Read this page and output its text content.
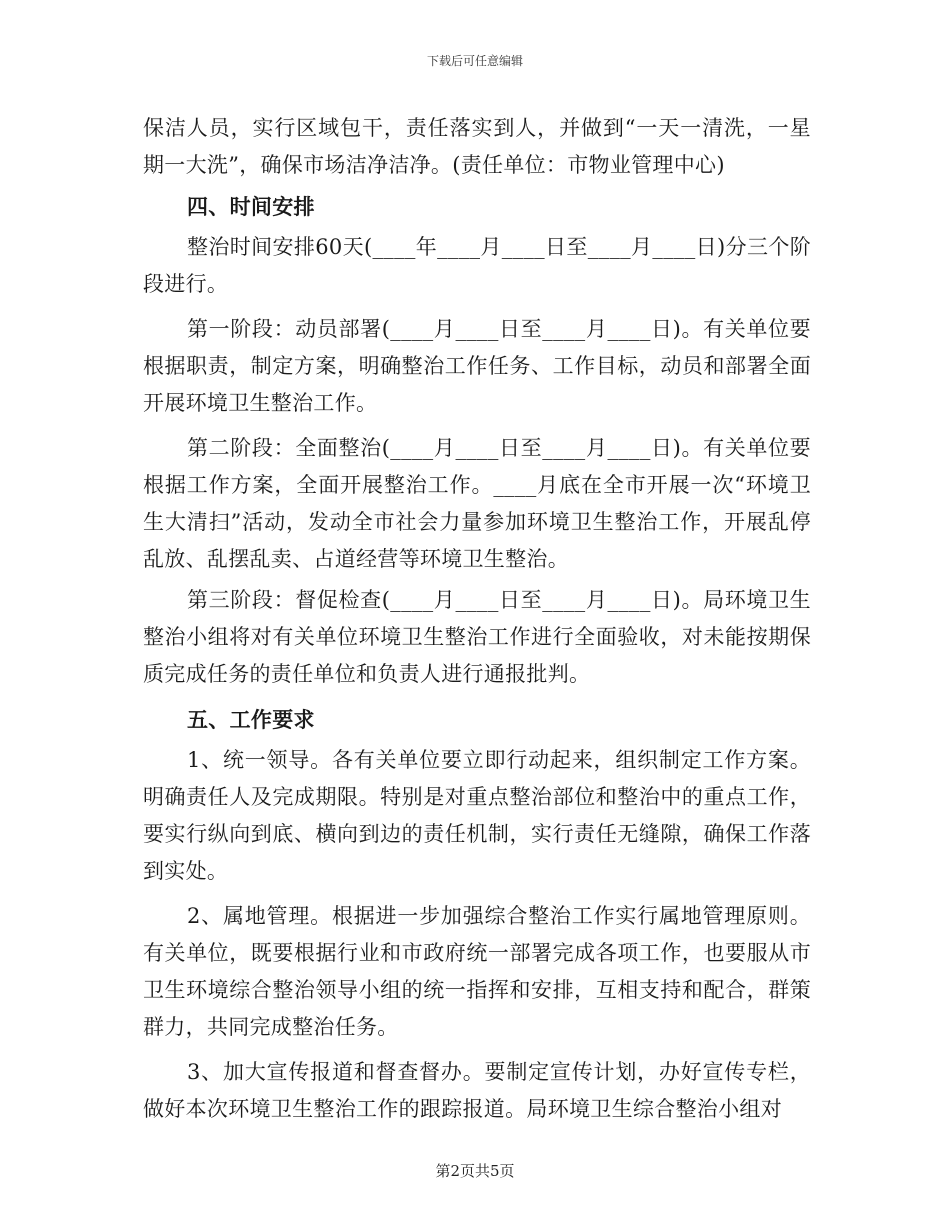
下载后可任意编辑

保洁人员，实行区域包干，责任落实到人，并做到“一天一清洗，一星期一大洗”，确保市场洁净洁净。(责任单位：市物业管理中心)

四、时间安排

整治时间安排60天(____年____月____日至____月____日)分三个阶段进行。

第一阶段：动员部署(____月____日至____月____日)。有关单位要根据职责，制定方案，明确整治工作任务、工作目标，动员和部署全面开展环境卫生整治工作。

第二阶段：全面整治(____月____日至____月____日)。有关单位要根据工作方案，全面开展整治工作。____月底在全市开展一次“环境卫生大清扫”活动，发动全市社会力量参加环境卫生整治工作，开展乱停乱放、乱摆乱卖、占道经营等环境卫生整治。

第三阶段：督促检查(____月____日至____月____日)。局环境卫生整治小组将对有关单位环境卫生整治工作进行全面验收，对未能按期保质完成任务的责任单位和负责人进行通报批判。

五、工作要求

1、统一领导。各有关单位要立即行动起来，组织制定工作方案。明确责任人及完成期限。特别是对重点整治部位和整治中的重点工作，要实行纵向到底、横向到边的责任机制，实行责任无缝隙，确保工作落到实处。

2、属地管理。根据进一步加强综合整治工作实行属地管理原则。有关单位，既要根据行业和市政府统一部署完成各项工作，也要服从市卫生环境综合整治领导小组的统一指挥和安排，互相支持和配合，群策群力，共同完成整治任务。

3、加大宣传报道和督查督办。要制定宣传计划，办好宣传专栏，做好本次环境卫生整治工作的跟踪报道。局环境卫生综合整治小组对

第2页共5页
